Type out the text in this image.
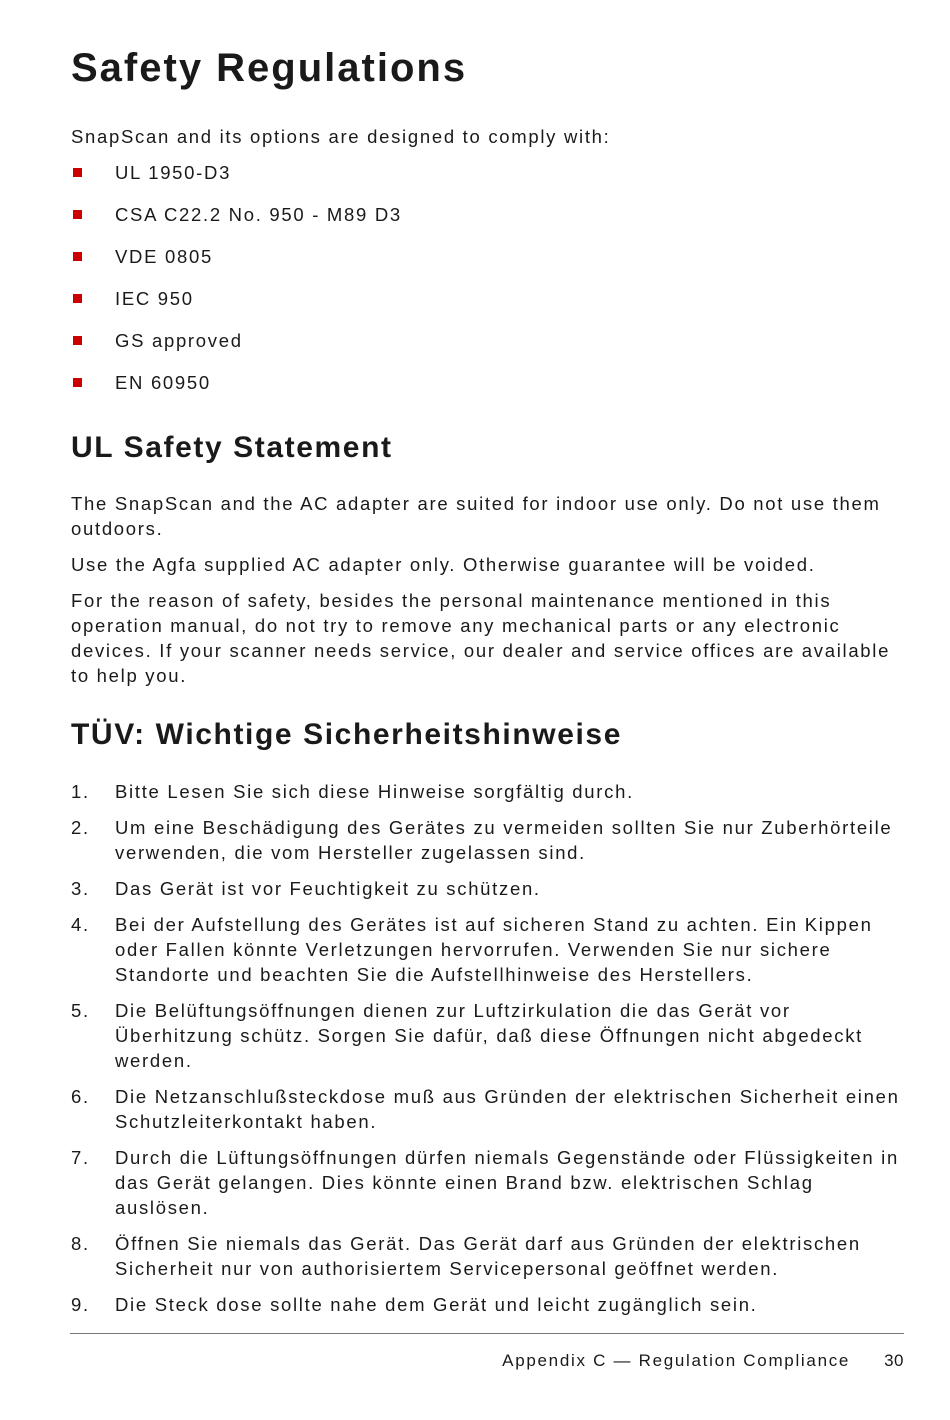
Safety Regulations

SnapScan and its options are designed to comply with:

UL 1950-D3
CSA C22.2 No. 950 - M89 D3
VDE 0805
IEC 950
GS approved
EN 60950
UL Safety Statement

The SnapScan and the AC adapter are suited for indoor use only. Do not use them outdoors.

Use the Agfa supplied AC adapter only. Otherwise guarantee will be voided.

For the reason of safety, besides the personal maintenance mentioned in this operation manual, do not try to remove any mechanical parts or any electronic devices. If your scanner needs service, our dealer and service offices are available to help you.

TÜV: Wichtige Sicherheitshinweise
1. Bitte Lesen Sie sich diese Hinweise sorgfältig durch.
2. Um eine Beschädigung des Gerätes zu vermeiden sollten Sie nur Zuberhörteile verwenden, die vom Hersteller zugelassen sind.
3. Das Gerät ist vor Feuchtigkeit zu schützen.
4. Bei der Aufstellung des Gerätes ist auf sicheren Stand zu achten. Ein Kippen oder Fallen könnte Verletzungen hervorrufen. Verwenden Sie nur sichere Standorte und beachten Sie die Aufstellhinweise des Herstellers.
5. Die Belüftungsöffnungen dienen zur Luftzirkulation die das Gerät vor Überhitzung schütz. Sorgen Sie dafür, daß diese Öffnungen nicht abgedeckt werden.
6. Die Netzanschlußsteckdose muß aus Gründen der elektrischen Sicherheit einen Schutzleiterkontakt haben.
7. Durch die Lüftungsöffnungen dürfen niemals Gegenstände oder Flüssigkeiten in das Gerät gelangen. Dies könnte einen Brand bzw. elektrischen Schlag auslösen.
8. Öffnen Sie niemals das Gerät. Das Gerät darf aus Gründen der elektrischen Sicherheit nur von authorisiertem Servicepersonal geöffnet werden.
9. Die Steck dose sollte nahe dem Gerät und leicht zugänglich sein.
Appendix C — Regulation Compliance 30
